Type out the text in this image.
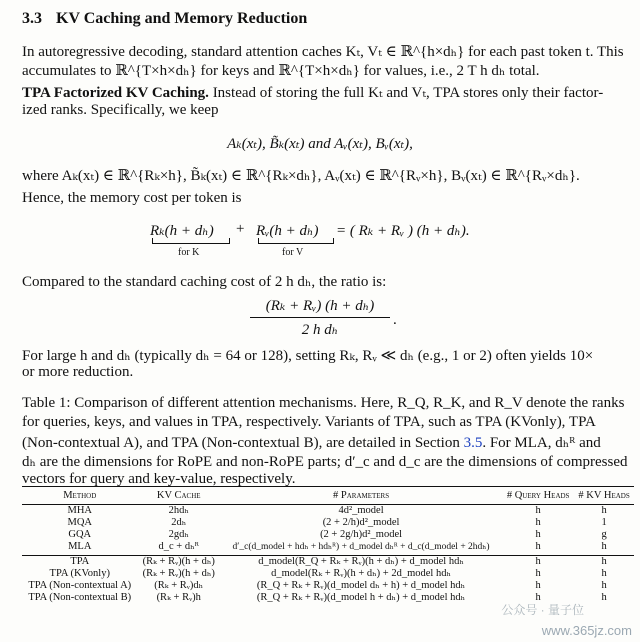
3.3 KV Caching and Memory Reduction

In autoregressive decoding, standard attention caches Kₜ, Vₜ ∈ ℝ^{h×dₕ} for each past token t. This

accumulates to ℝ^{T×h×dₕ} for keys and ℝ^{T×h×dₕ} for values, i.e., 2 T h dₕ total.

TPA Factorized KV Caching. Instead of storing the full Kₜ and Vₜ, TPA stores only their factor-

ized ranks. Specifically, we keep

Aₖ(xₜ), B̃ₖ(xₜ) and Aᵥ(xₜ), Bᵥ(xₜ),

where Aₖ(xₜ) ∈ ℝ^{Rₖ×h}, B̃ₖ(xₜ) ∈ ℝ^{Rₖ×dₕ}, Aᵥ(xₜ) ∈ ℝ^{Rᵥ×h}, Bᵥ(xₜ) ∈ ℝ^{Rᵥ×dₕ}.

Hence, the memory cost per token is

Rₖ(h + dₕ) + Rᵥ(h + dₕ) = ( Rₖ + Rᵥ ) (h + dₕ).
for K	for V

Compared to the standard caching cost of 2 h dₕ, the ratio is:

$\frac{\text{(Rₖ + Rᵥ) (h + dₕ)}}{\text{2 h dₕ}}$ .

For large h and dₕ (typically dₕ = 64 or 128), setting Rₖ, Rᵥ ≪ dₕ (e.g., 1 or 2) often yields 10×

or more reduction.

Table 1: Comparison of different attention mechanisms. Here, R_Q, R_K, and R_V denote the ranks

for queries, keys, and values in TPA, respectively. Variants of TPA, such as TPA (KVonly), TPA

(Non-contextual A), and TPA (Non-contextual B), are detailed in Section 3.5. For MLA, dₕᴿ and

dₕ are the dimensions for RoPE and non-RoPE parts; d′_c and d_c are the dimensions of compressed

vectors for query and key-value, respectively.

Method	KV Cache	# Parameters	# Query Heads	# KV Heads
MHA	2hdₕ	4d²_model	h	h
MQA	2dₕ	(2 + 2/h)d²_model	h	1
GQA	2gdₕ	(2 + 2g/h)d²_model	h	g
MLA	d_c + dₕᴿ	d′_c(d_model + hdₕ + hdₕᴿ) + d_model dₕᴿ + d_c(d_model + 2hdₕ)	h	h
TPA	(Rₖ + Rᵥ)(h + dₕ)	d_model(R_Q + Rₖ + Rᵥ)(h + dₕ) + d_model hdₕ	h	h
TPA (KVonly)	(Rₖ + Rᵥ)(h + dₕ)	d_model(Rₖ + Rᵥ)(h + dₕ) + 2d_model hdₕ	h	h
TPA (Non-contextual A)	(Rₖ + Rᵥ)dₕ	(R_Q + Rₖ + Rᵥ)(d_model dₕ + h) + d_model hdₕ	h	h
TPA (Non-contextual B)	(Rₖ + Rᵥ)h	(R_Q + Rₖ + Rᵥ)(d_model h + dₕ) + d_model hdₕ	h	h
公众号 · 量子位
www.365jz.com
